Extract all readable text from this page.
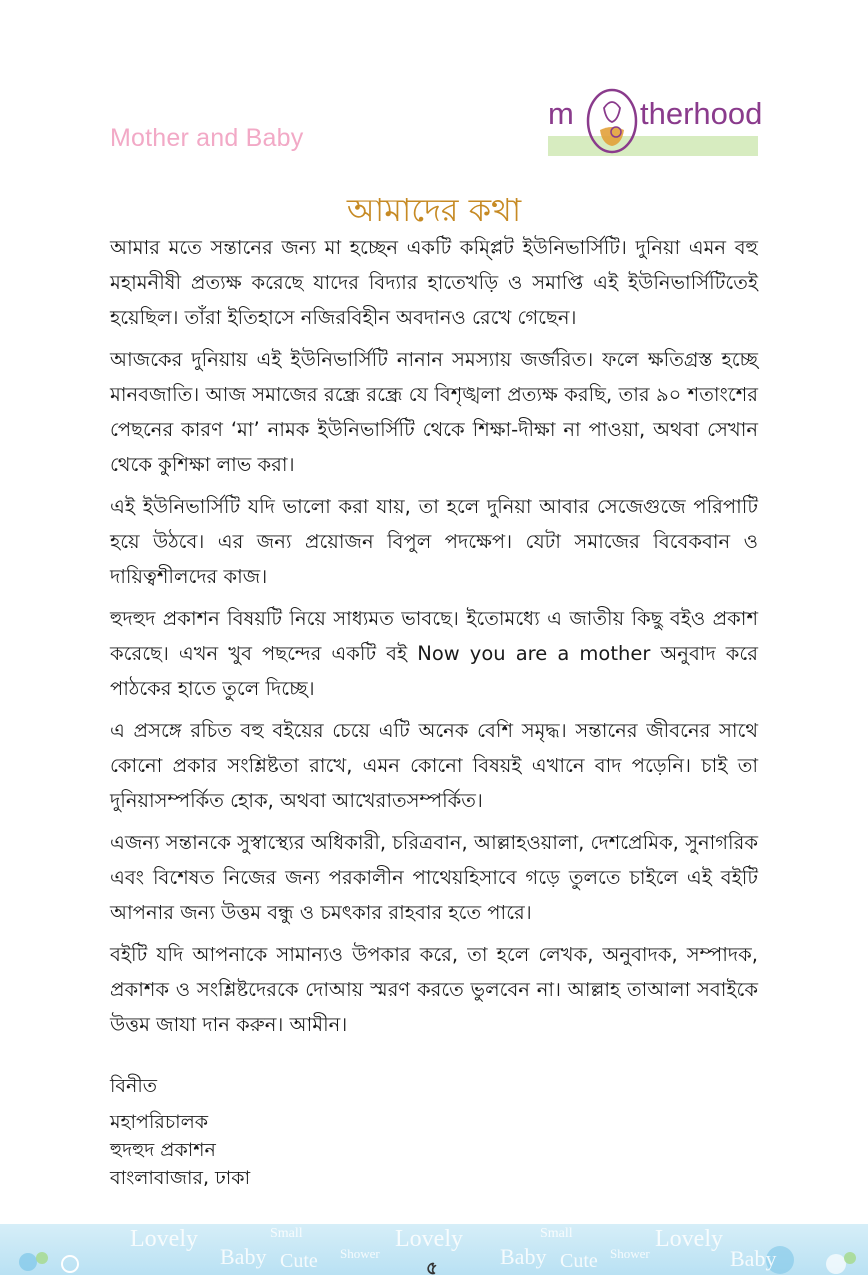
Mother and Baby
m therhood
আমাদের কথা

আমার মতে সন্তানের জন্য মা হচ্ছেন একটি কম্প্লিট ইউনিভার্সিটি। দুনিয়া এমন বহু মহামনীষী প্রত্যক্ষ করেছে যাদের বিদ্যার হাতেখড়ি ও সমাপ্তি এই ইউনিভার্সিটিতেই হয়েছিল। তাঁরা ইতিহাসে নজিরবিহীন অবদানও রেখে গেছেন।

আজকের দুনিয়ায় এই ইউনিভার্সিটি নানান সমস্যায় জর্জরিত। ফলে ক্ষতিগ্রস্ত হচ্ছে মানবজাতি। আজ সমাজের রন্ধ্রে রন্ধ্রে যে বিশৃঙ্খলা প্রত্যক্ষ করছি, তার ৯০ শতাংশের পেছনের কারণ ‘মা’ নামক ইউনিভার্সিটি থেকে শিক্ষা-দীক্ষা না পাওয়া, অথবা সেখান থেকে কুশিক্ষা লাভ করা।

এই ইউনিভার্সিটি যদি ভালো করা যায়, তা হলে দুনিয়া আবার সেজেগুজে পরিপাটি হয়ে উঠবে। এর জন্য প্রয়োজন বিপুল পদক্ষেপ। যেটা সমাজের বিবেকবান ও দায়িত্বশীলদের কাজ।

হুদহুদ প্রকাশন বিষয়টি নিয়ে সাধ্যমত ভাবছে। ইতোমধ্যে এ জাতীয় কিছু বইও প্রকাশ করেছে। এখন খুব পছন্দের একটি বই Now you are a mother অনুবাদ করে পাঠকের হাতে তুলে দিচ্ছে।

এ প্রসঙ্গে রচিত বহু বইয়ের চেয়ে এটি অনেক বেশি সমৃদ্ধ। সন্তানের জীবনের সাথে কোনো প্রকার সংশ্লিষ্টতা রাখে, এমন কোনো বিষয়ই এখানে বাদ পড়েনি। চাই তা দুনিয়াসম্পর্কিত হোক, অথবা আখেরাতসম্পর্কিত।

এজন্য সন্তানকে সুস্বাস্থ্যের অধিকারী, চরিত্রবান, আল্লাহওয়ালা, দেশপ্রেমিক, সুনাগরিক এবং বিশেষত নিজের জন্য পরকালীন পাথেয়হিসাবে গড়ে তুলতে চাইলে এই বইটি আপনার জন্য উত্তম বন্ধু ও চমৎকার রাহবার হতে পারে।

বইটি যদি আপনাকে সামান্যও উপকার করে, তা হলে লেখক, অনুবাদক, সম্পাদক, প্রকাশক ও সংশ্লিষ্টদেরকে দোআয় স্মরণ করতে ভুলবেন না। আল্লাহ তাআলা সবাইকে উত্তম জাযা দান করুন। আমীন।

বিনীত
মহাপরিচালক
হুদহুদ প্রকাশন
বাংলাবাজার, ঢাকা
Lovely	Small	Lovely	Small	Lovely
Baby Cute Shower	Baby Cute Shower	Baby
৫
